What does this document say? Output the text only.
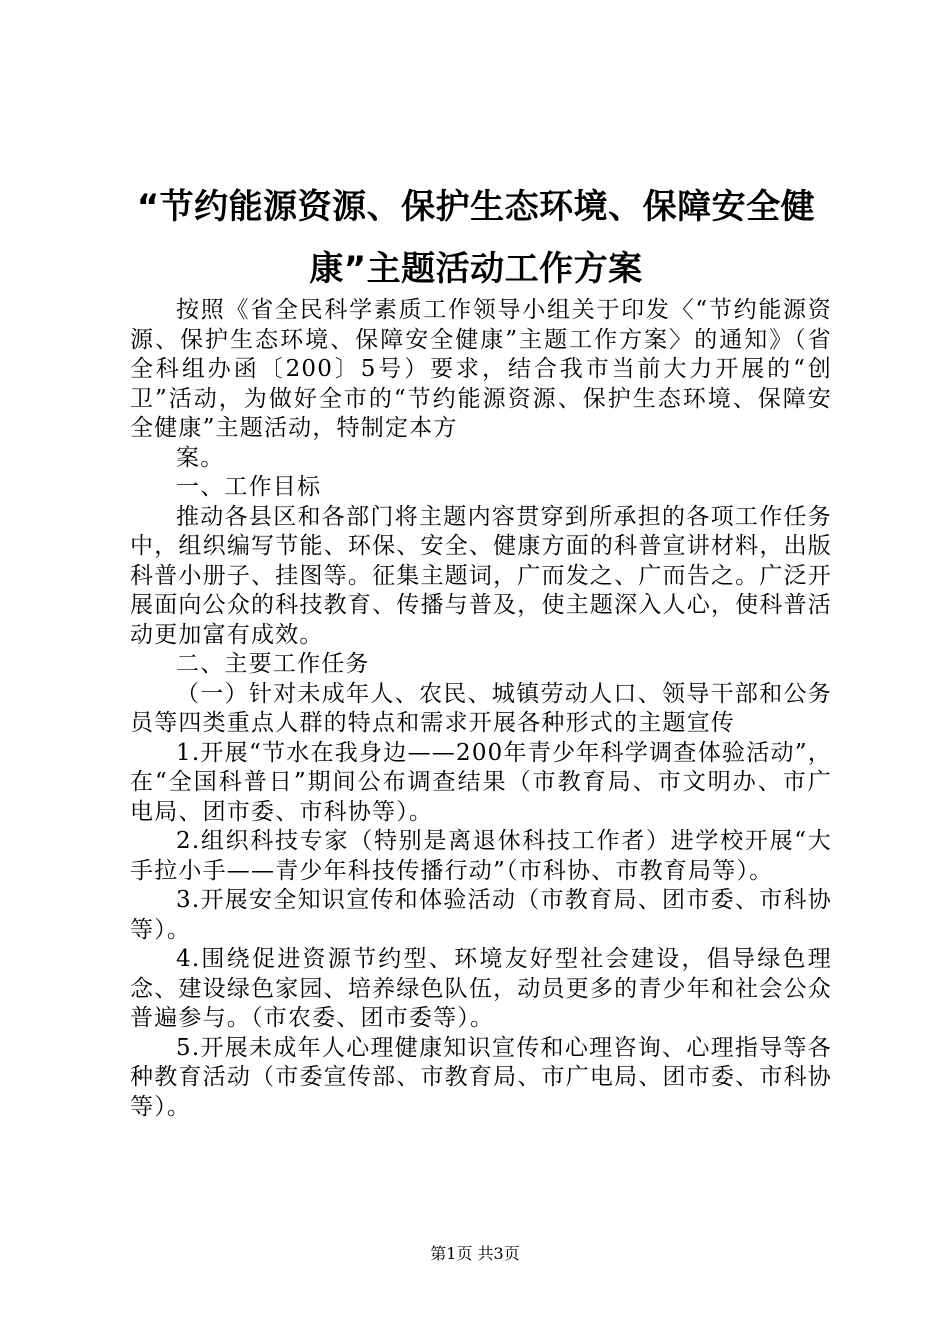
“节约能源资源、保护生态环境、保障安全健康”主题活动工作方案

按照《省全民科学素质工作领导小组关于印发〈“节约能源资源、保护生态环境、保障安全健康”主题工作方案〉的通知》（省全科组办函〔200〕5号）要求，结合我市当前大力开展的“创卫”活动，为做好全市的“节约能源资源、保护生态环境、保障安全健康”主题活动，特制定本方

案。

一、工作目标

推动各县区和各部门将主题内容贯穿到所承担的各项工作任务中，组织编写节能、环保、安全、健康方面的科普宣讲材料，出版科普小册子、挂图等。征集主题词，广而发之、广而告之。广泛开展面向公众的科技教育、传播与普及，使主题深入人心，使科普活动更加富有成效。

二、主要工作任务

（一）针对未成年人、农民、城镇劳动人口、领导干部和公务员等四类重点人群的特点和需求开展各种形式的主题宣传

1.开展“节水在我身边——200年青少年科学调查体验活动”，在“全国科普日”期间公布调查结果（市教育局、市文明办、市广电局、团市委、市科协等）。

2.组织科技专家（特别是离退休科技工作者）进学校开展“大手拉小手——青少年科技传播行动”（市科协、市教育局等）。

3.开展安全知识宣传和体验活动（市教育局、团市委、市科协等）。

4.围绕促进资源节约型、环境友好型社会建设，倡导绿色理念、建设绿色家园、培养绿色队伍，动员更多的青少年和社会公众普遍参与。（市农委、团市委等）。

5.开展未成年人心理健康知识宣传和心理咨询、心理指导等各种教育活动（市委宣传部、市教育局、市广电局、团市委、市科协等）。

第1页 共3页
